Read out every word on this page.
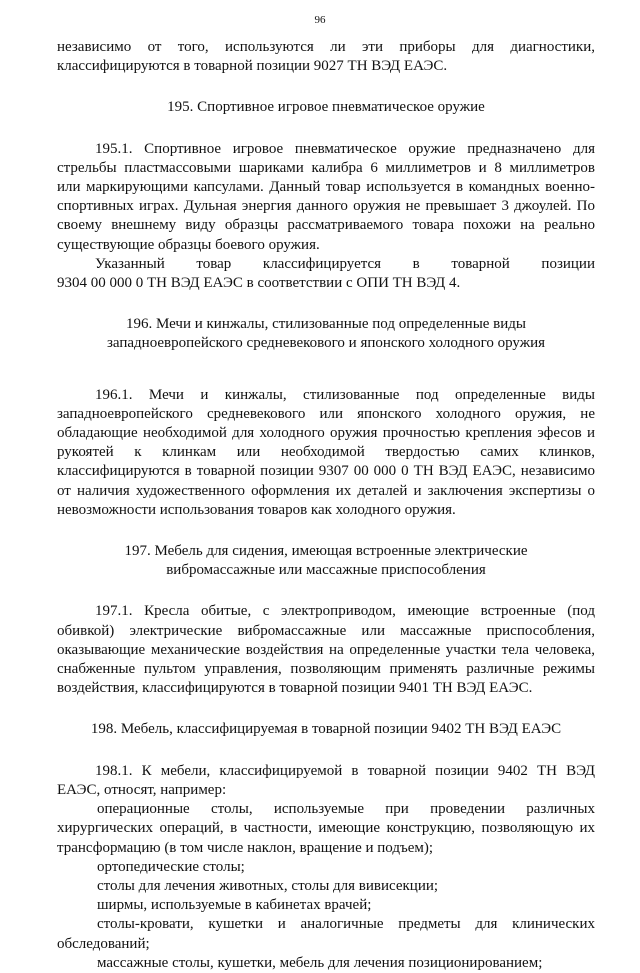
96

независимо от того, используются ли эти приборы для диагностики,

классифицируются в товарной позиции 9027 ТН ВЭД ЕАЭС.

195. Спортивное игровое пневматическое оружие

195.1. Спортивное игровое пневматическое оружие предназначено для

стрельбы пластмассовыми шариками калибра 6 миллиметров и 8 миллиметров

или маркирующими капсулами. Данный товар используется в командных военно-

спортивных играх. Дульная энергия данного оружия не превышает 3 джоулей. По

своему внешнему виду образцы рассматриваемого товара похожи на реально

существующие образцы боевого оружия.

Указанный товар классифицируется в товарной позиции

9304 00 000 0 ТН ВЭД ЕАЭС в соответствии с ОПИ ТН ВЭД 4.

196. Мечи и кинжалы, стилизованные под определенные виды

западноевропейского средневекового и японского холодного оружия

196.1. Мечи и кинжалы, стилизованные под определенные виды

западноевропейского средневекового или японского холодного оружия, не

обладающие необходимой для холодного оружия прочностью крепления эфесов и

рукоятей к клинкам или необходимой твердостью самих клинков,

классифицируются в товарной позиции 9307 00 000 0 ТН ВЭД ЕАЭС, независимо

от наличия художественного оформления их деталей и заключения экспертизы о

невозможности использования товаров как холодного оружия.

197. Мебель для сидения, имеющая встроенные электрические

вибромассажные или массажные приспособления

197.1. Кресла обитые, с электроприводом, имеющие встроенные (под

обивкой) электрические вибромассажные или массажные приспособления,

оказывающие механические воздействия на определенные участки тела человека,

снабженные пультом управления, позволяющим применять различные режимы

воздействия, классифицируются в товарной позиции 9401 ТН ВЭД ЕАЭС.

198. Мебель, классифицируемая в товарной позиции 9402 ТН ВЭД ЕАЭС

198.1. К мебели, классифицируемой в товарной позиции 9402 ТН ВЭД

ЕАЭС, относят, например:

операционные столы, используемые при проведении различных

хирургических операций, в частности, имеющие конструкцию, позволяющую их

трансформацию (в том числе наклон, вращение и подъем);

ортопедические столы;

столы для лечения животных, столы для вивисекции;

ширмы, используемые в кабинетах врачей;

столы-кровати, кушетки и аналогичные предметы для клинических

обследований;

массажные столы, кушетки, мебель для лечения позиционированием;
